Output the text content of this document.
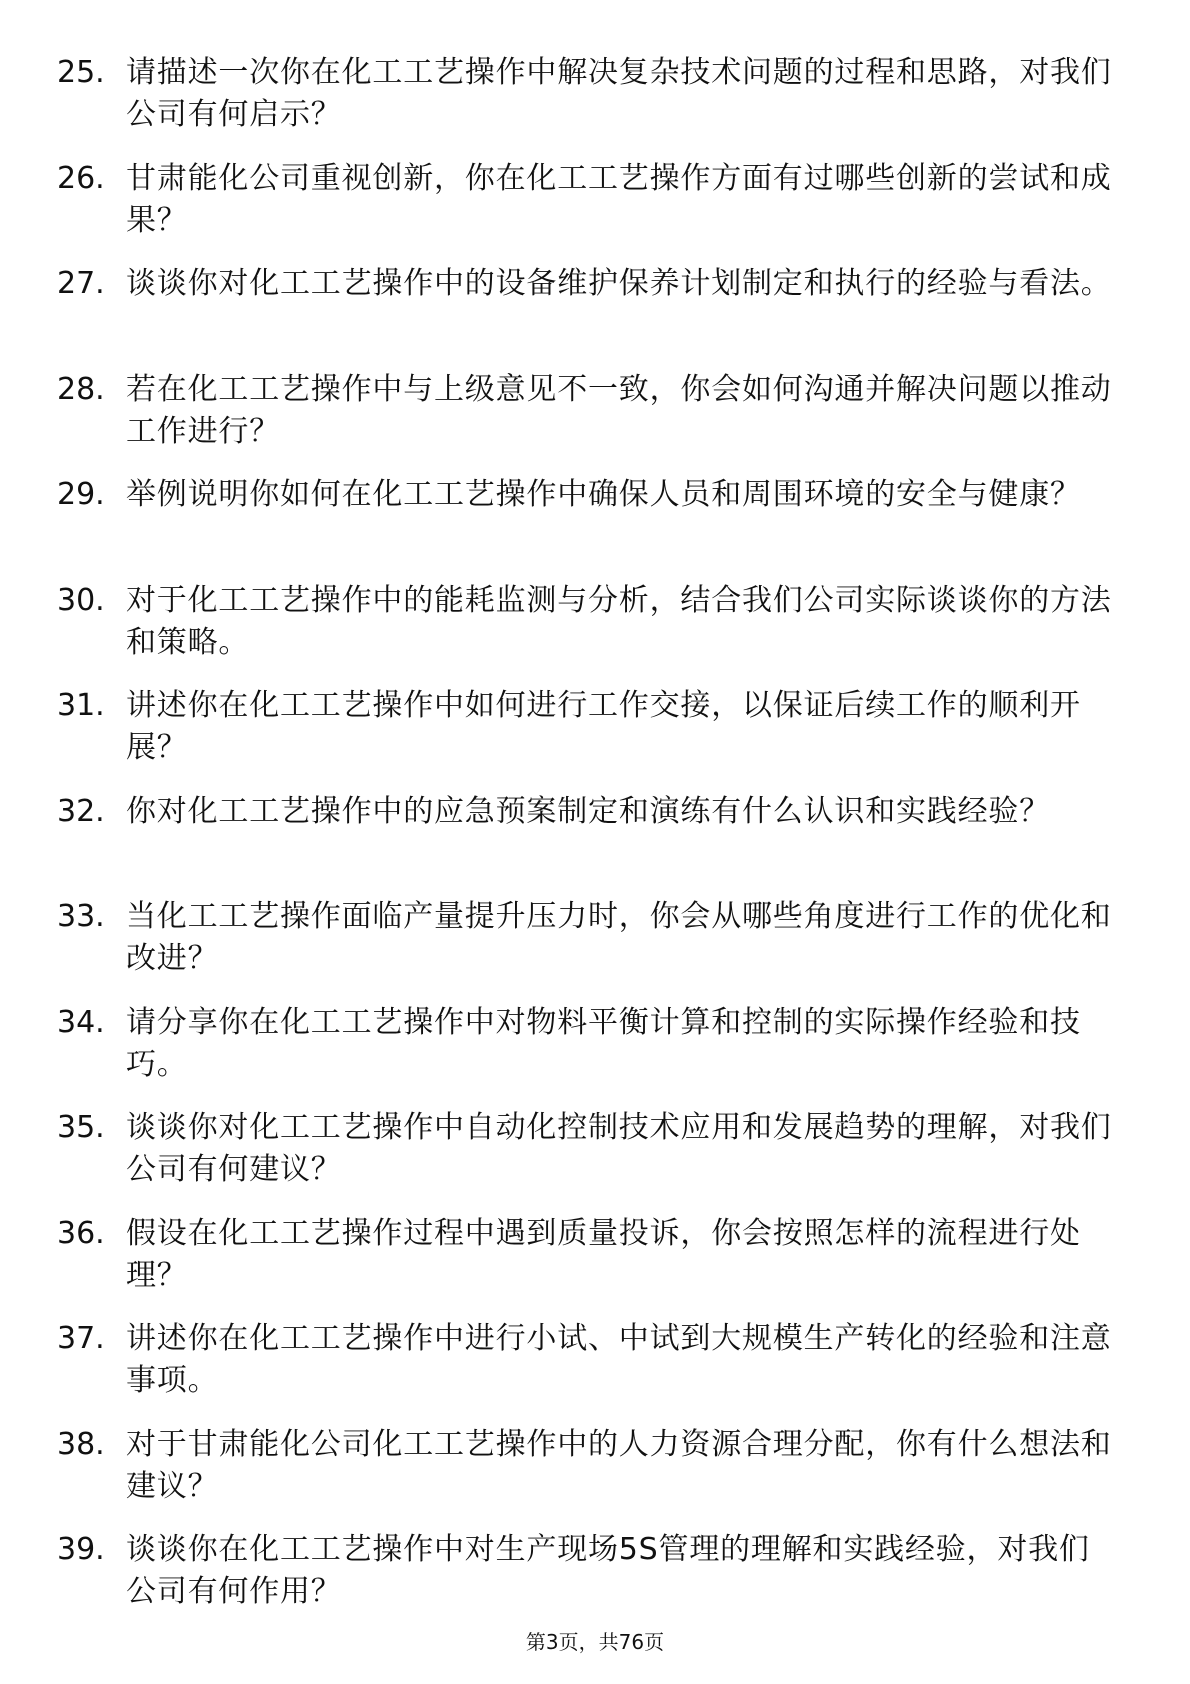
25. 请描述一次你在化工工艺操作中解决复杂技术问题的过程和思路，对我们公司有何启示？
26. 甘肃能化公司重视创新，你在化工工艺操作方面有过哪些创新的尝试和成果？
27. 谈谈你对化工工艺操作中的设备维护保养计划制定和执行的经验与看法。
28. 若在化工工艺操作中与上级意见不一致，你会如何沟通并解决问题以推动工作进行？
29. 举例说明你如何在化工工艺操作中确保人员和周围环境的安全与健康？
30. 对于化工工艺操作中的能耗监测与分析，结合我们公司实际谈谈你的方法和策略。
31. 讲述你在化工工艺操作中如何进行工作交接，以保证后续工作的顺利开展？
32. 你对化工工艺操作中的应急预案制定和演练有什么认识和实践经验？
33. 当化工工艺操作面临产量提升压力时，你会从哪些角度进行工作的优化和改进？
34. 请分享你在化工工艺操作中对物料平衡计算和控制的实际操作经验和技巧。
35. 谈谈你对化工工艺操作中自动化控制技术应用和发展趋势的理解，对我们公司有何建议？
36. 假设在化工工艺操作过程中遇到质量投诉，你会按照怎样的流程进行处理？
37. 讲述你在化工工艺操作中进行小试、中试到大规模生产转化的经验和注意事项。
38. 对于甘肃能化公司化工工艺操作中的人力资源合理分配，你有什么想法和建议？
39. 谈谈你在化工工艺操作中对生产现场5S管理的理解和实践经验，对我们公司有何作用？
第3页，共76页
